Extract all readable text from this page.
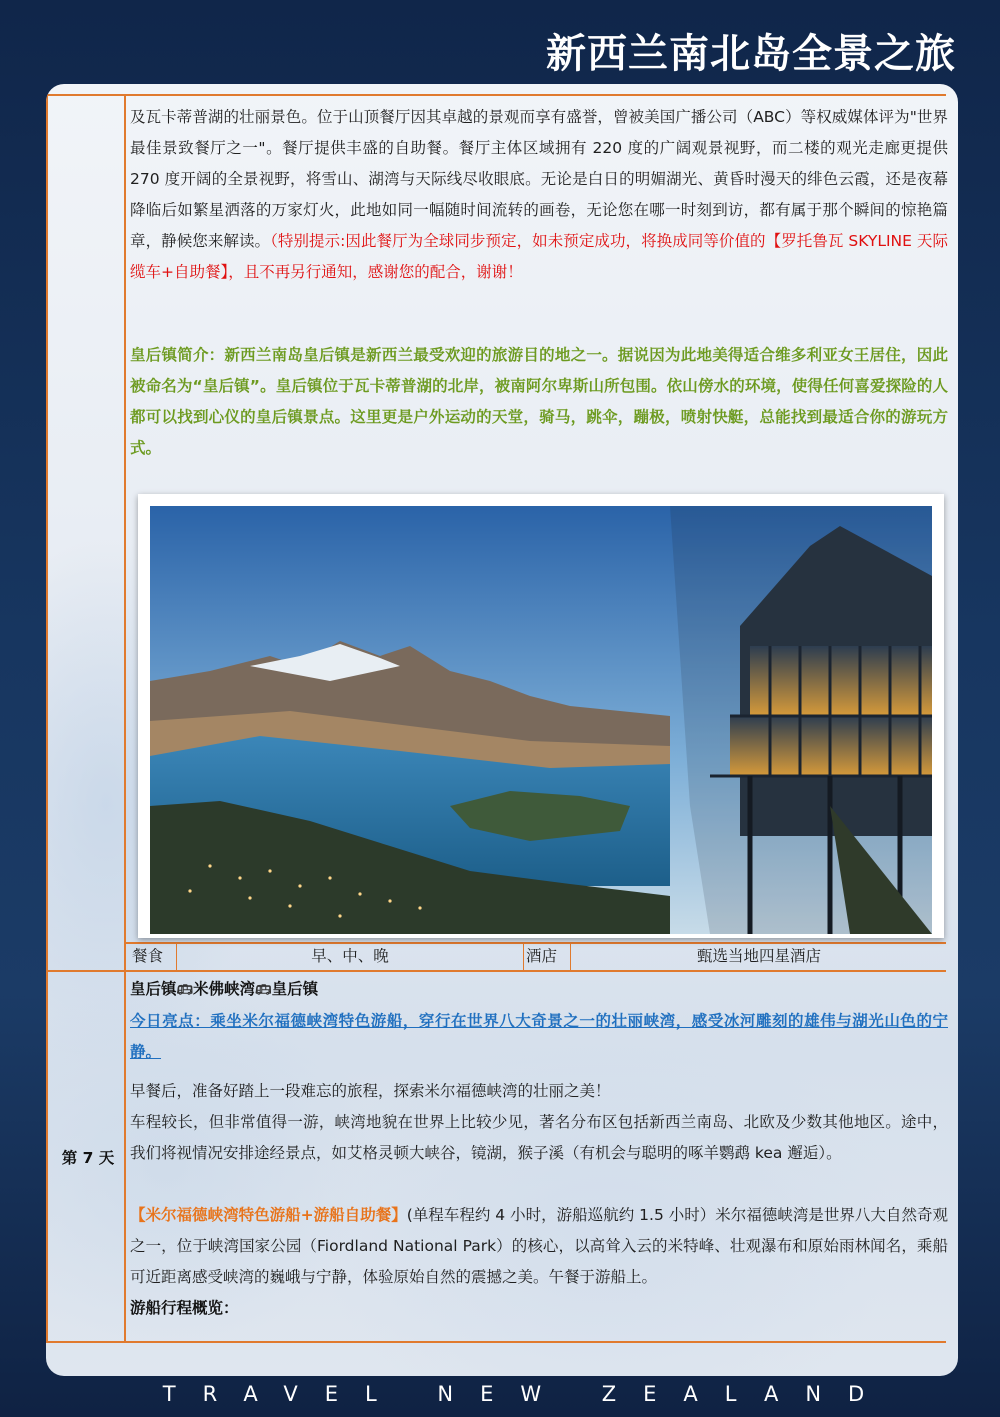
新西兰南北岛全景之旅

及瓦卡蒂普湖的壮丽景色。位于山顶餐厅因其卓越的景观而享有盛誉，曾被美国广播公司（ABC）等权威媒体评为"世界最佳景致餐厅之一"。餐厅提供丰盛的自助餐。餐厅主体区域拥有 220 度的广阔观景视野，而二楼的观光走廊更提供 270 度开阔的全景视野，将雪山、湖湾与天际线尽收眼底。无论是白日的明媚湖光、黄昏时漫天的绯色云霞，还是夜幕降临后如繁星洒落的万家灯火，此地如同一幅随时间流转的画卷，无论您在哪一时刻到访，都有属于那个瞬间的惊艳篇章，静候您来解读。（特别提示:因此餐厅为全球同步预定，如未预定成功，将换成同等价值的【罗托鲁瓦 SKYLINE 天际缆车+自助餐】，且不再另行通知，感谢您的配合，谢谢！

皇后镇简介：新西兰南岛皇后镇是新西兰最受欢迎的旅游目的地之一。据说因为此地美得适合维多利亚女王居住，因此被命名为“皇后镇”。皇后镇位于瓦卡蒂普湖的北岸，被南阿尔卑斯山所包围。依山傍水的环境，使得任何喜爱探险的人都可以找到心仪的皇后镇景点。这里更是户外运动的天堂，骑马，跳伞，蹦极，喷射快艇，总能找到最适合你的游玩方式。

餐食	早、中、晚	酒店	甄选当地四星酒店
第 7 天
皇后镇🚌︎米佛峡湾🚌︎皇后镇

今日亮点：乘坐米尔福德峡湾特色游船，穿行在世界八大奇景之一的壮丽峡湾，感受冰河雕刻的雄伟与湖光山色的宁静。

早餐后，准备好踏上一段难忘的旅程，探索米尔福德峡湾的壮丽之美！

车程较长，但非常值得一游，峡湾地貌在世界上比较少见，著名分布区包括新西兰南岛、北欧及少数其他地区。途中，我们将视情况安排途经景点，如艾格灵顿大峡谷，镜湖，猴子溪（有机会与聪明的啄羊鹦鹉 kea 邂逅）。

【米尔福德峡湾特色游船+游船自助餐】(单程车程约 4 小时，游船巡航约 1.5 小时）米尔福德峡湾是世界八大自然奇观之一，位于峡湾国家公园（Fiordland National Park）的核心，以高耸入云的米特峰、壮观瀑布和原始雨林闻名，乘船可近距离感受峡湾的巍峨与宁静，体验原始自然的震撼之美。午餐于游船上。

游船行程概览：

TRAVEL NEW ZEALAND
